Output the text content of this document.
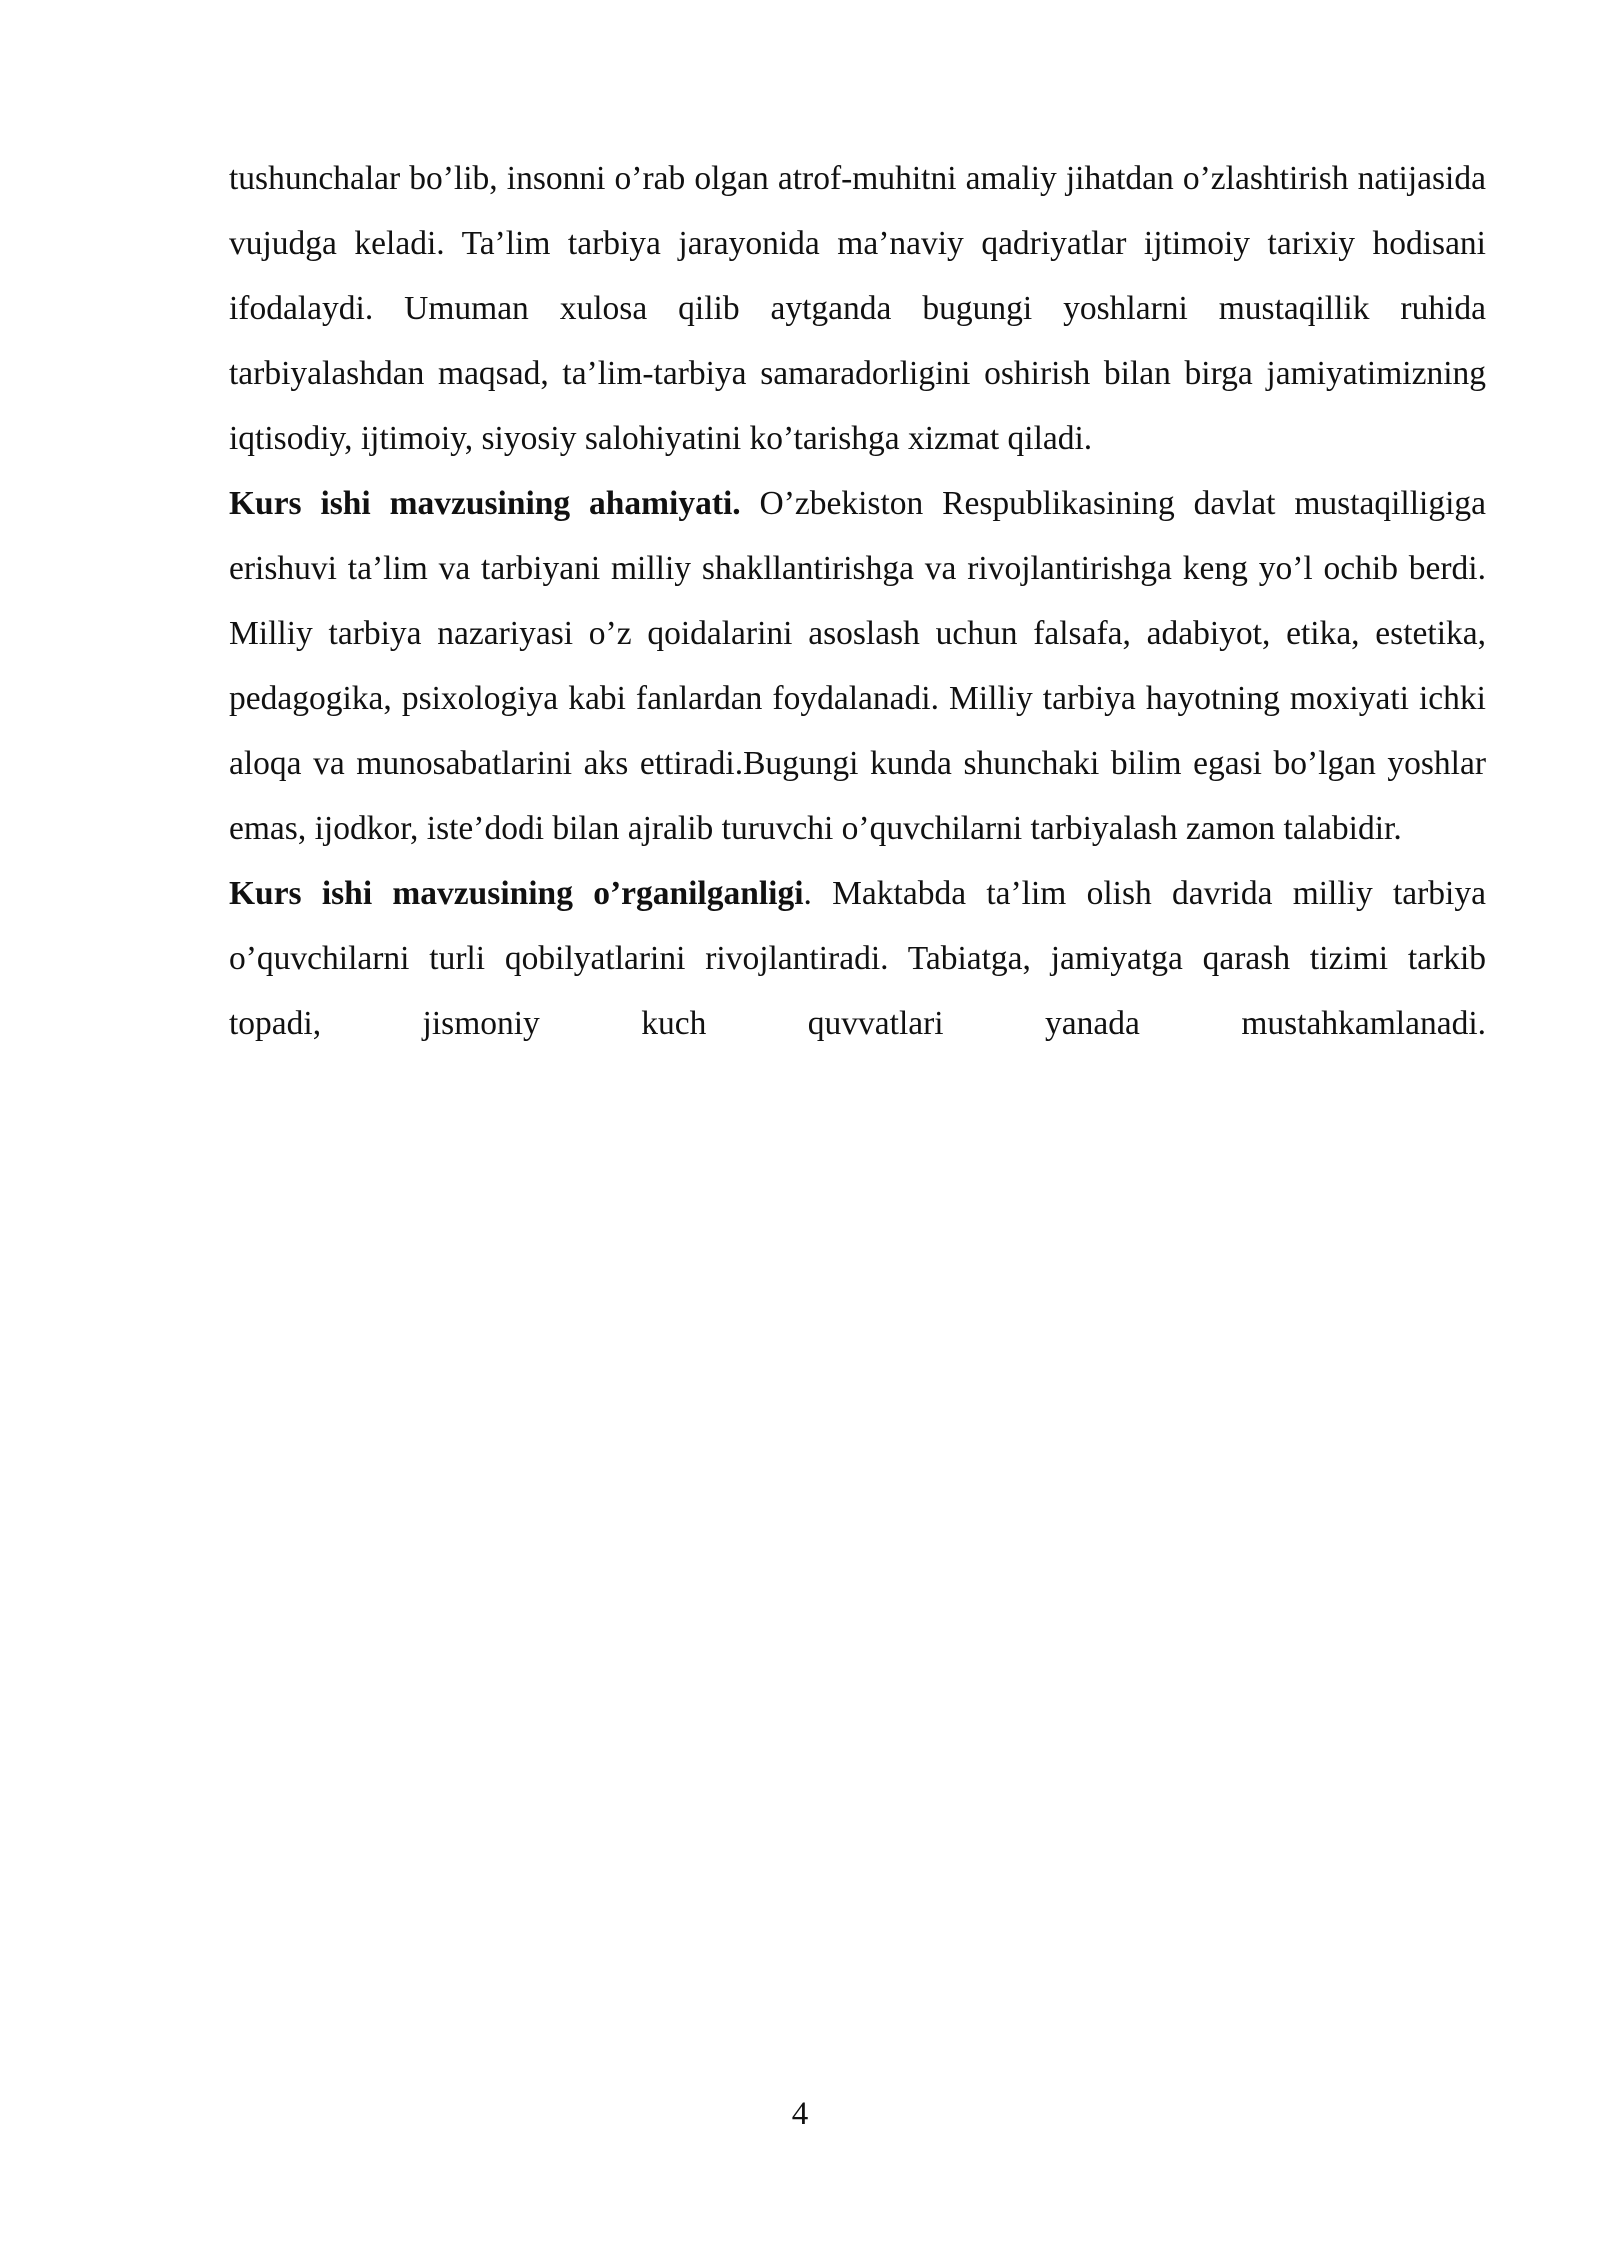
tushunchalar bo’lib, insonni o’rab olgan atrof-muhitni amaliy jihatdan o’zlashtirish natijasida vujudga keladi. Ta’lim tarbiya jarayonida ma’naviy qadriyatlar ijtimoiy tarixiy hodisani ifodalaydi. Umuman xulosa qilib aytganda bugungi yoshlarni mustaqillik ruhida tarbiyalashdan maqsad, ta’lim-tarbiya samaradorligini oshirish bilan birga jamiyatimizning iqtisodiy, ijtimoiy, siyosiy salohiyatini ko’tarishga xizmat qiladi.

Kurs ishi mavzusining ahamiyati. O’zbekiston Respublikasining davlat mustaqilligiga erishuvi ta’lim va tarbiyani milliy shakllantirishga va rivojlantirishga keng yo’l ochib berdi. Milliy tarbiya nazariyasi o’z qoidalarini asoslash uchun falsafa, adabiyot, etika, estetika, pedagogika, psixologiya kabi fanlardan foydalanadi. Milliy tarbiya hayotning moxiyati ichki aloqa va munosabatlarini aks ettiradi.Bugungi kunda shunchaki bilim egasi bo’lgan yoshlar emas, ijodkor, iste’dodi bilan ajralib turuvchi o’quvchilarni tarbiyalash zamon talabidir.

Kurs ishi mavzusining o’rganilganligi. Maktabda ta’lim olish davrida milliy tarbiya o’quvchilarni turli qobilyatlarini rivojlantiradi. Tabiatga, jamiyatga qarash tizimi tarkib topadi, jismoniy kuch quvvatlari yanada mustahkamlanadi.

4
